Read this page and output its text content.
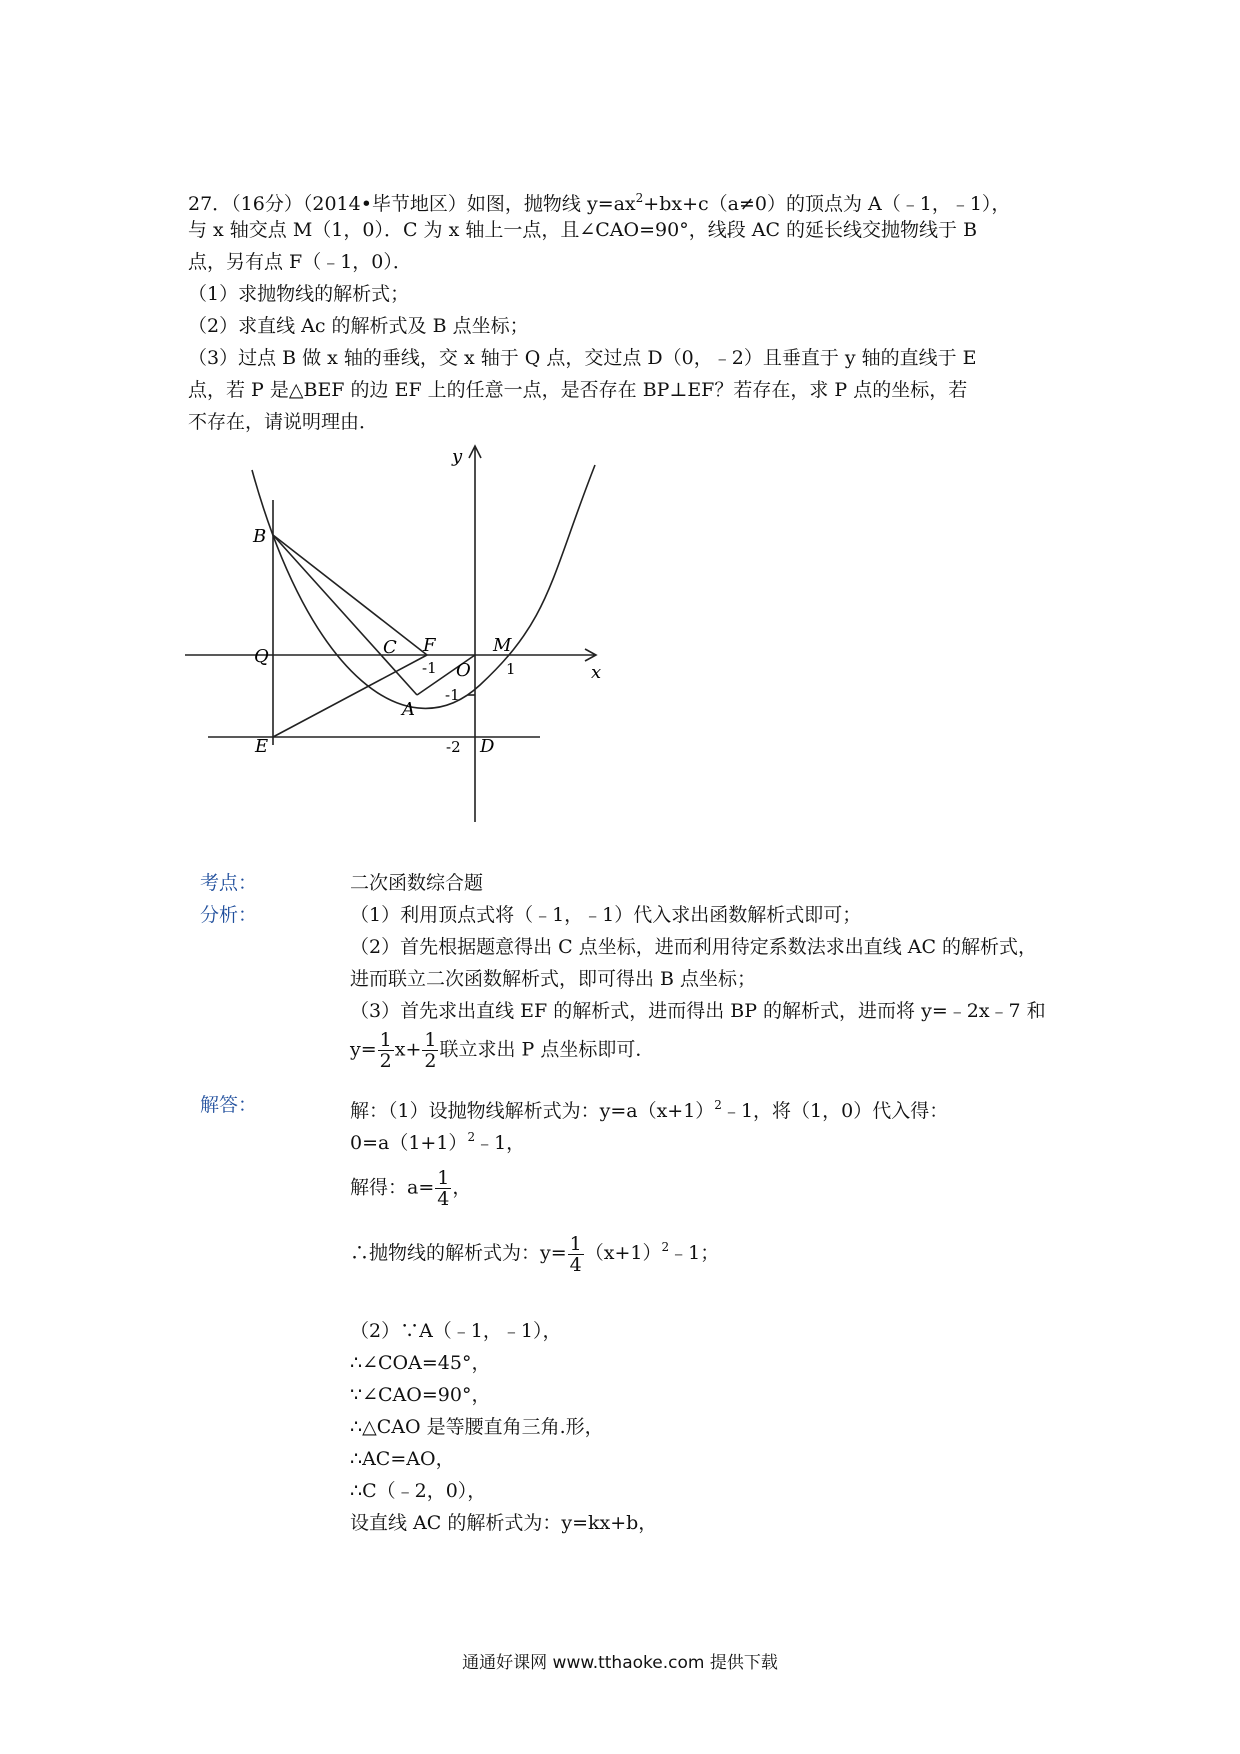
27．（16分）（2014•毕节地区）如图，抛物线 $y=ax^2+bx+c(a\ne 0)$的顶点为 A（﹣1，﹣1），
与 x 轴交点 M（1，0）．C 为 x 轴上一点，且∠CAO=90°，线段 AC 的延长线交抛物线于 B
点，另有点 F（﹣1，0）．
（1）求抛物线的解析式；
（2）求直线 Ac 的解析式及 B 点坐标；
（3）过点 B 做 x 轴的垂线，交 x 轴于 Q 点，交过点 D（0，﹣2）且垂直于 y 轴的直线于 E
点，若 P 是△BEF 的边 EF 上的任意一点，是否存在 BP⊥EF？若存在，求 P 点的坐标，若
不存在，请说明理由．
B
Q	C F
O
M
A
E	D
x
y
-1	1
-1
-2
考点：	二次函数综合题
分析：	（1）利用顶点式将（﹣1，﹣1）代入求出函数解析式即可；
（2）首先根据题意得出 C 点坐标，进而利用待定系数法求出直线 AC 的解析式，
进而联立二次函数解析式，即可得出 B 点坐标；
（3）首先求出直线 EF 的解析式，进而得出 BP 的解析式，进而将 y=﹣2x﹣7 和
$y= \frac{1}{2} x+ \frac{1}{2}$ 联立求出 P 点坐标即可．
解答：	解：（1）设抛物线解析式为：$y=a(x+1)^2﹣1$，将（1，0）代入得：
$0=a(1+1)^2﹣1$，
解得：$a= \frac{1}{4}$ ，
∴抛物线的解析式为：$y= \frac{1}{4}$ $(x+1)^2﹣1$；
（2）∵A（﹣1，﹣1），
∴∠COA=45°，
∵∠CAO=90°，
∴△CAO 是等腰直角三角.形，
∴AC=AO，
∴C（﹣2，0），
设直线 AC 的解析式为：y=kx+b，
通通好课网 www.tthaoke.com 提供下载
